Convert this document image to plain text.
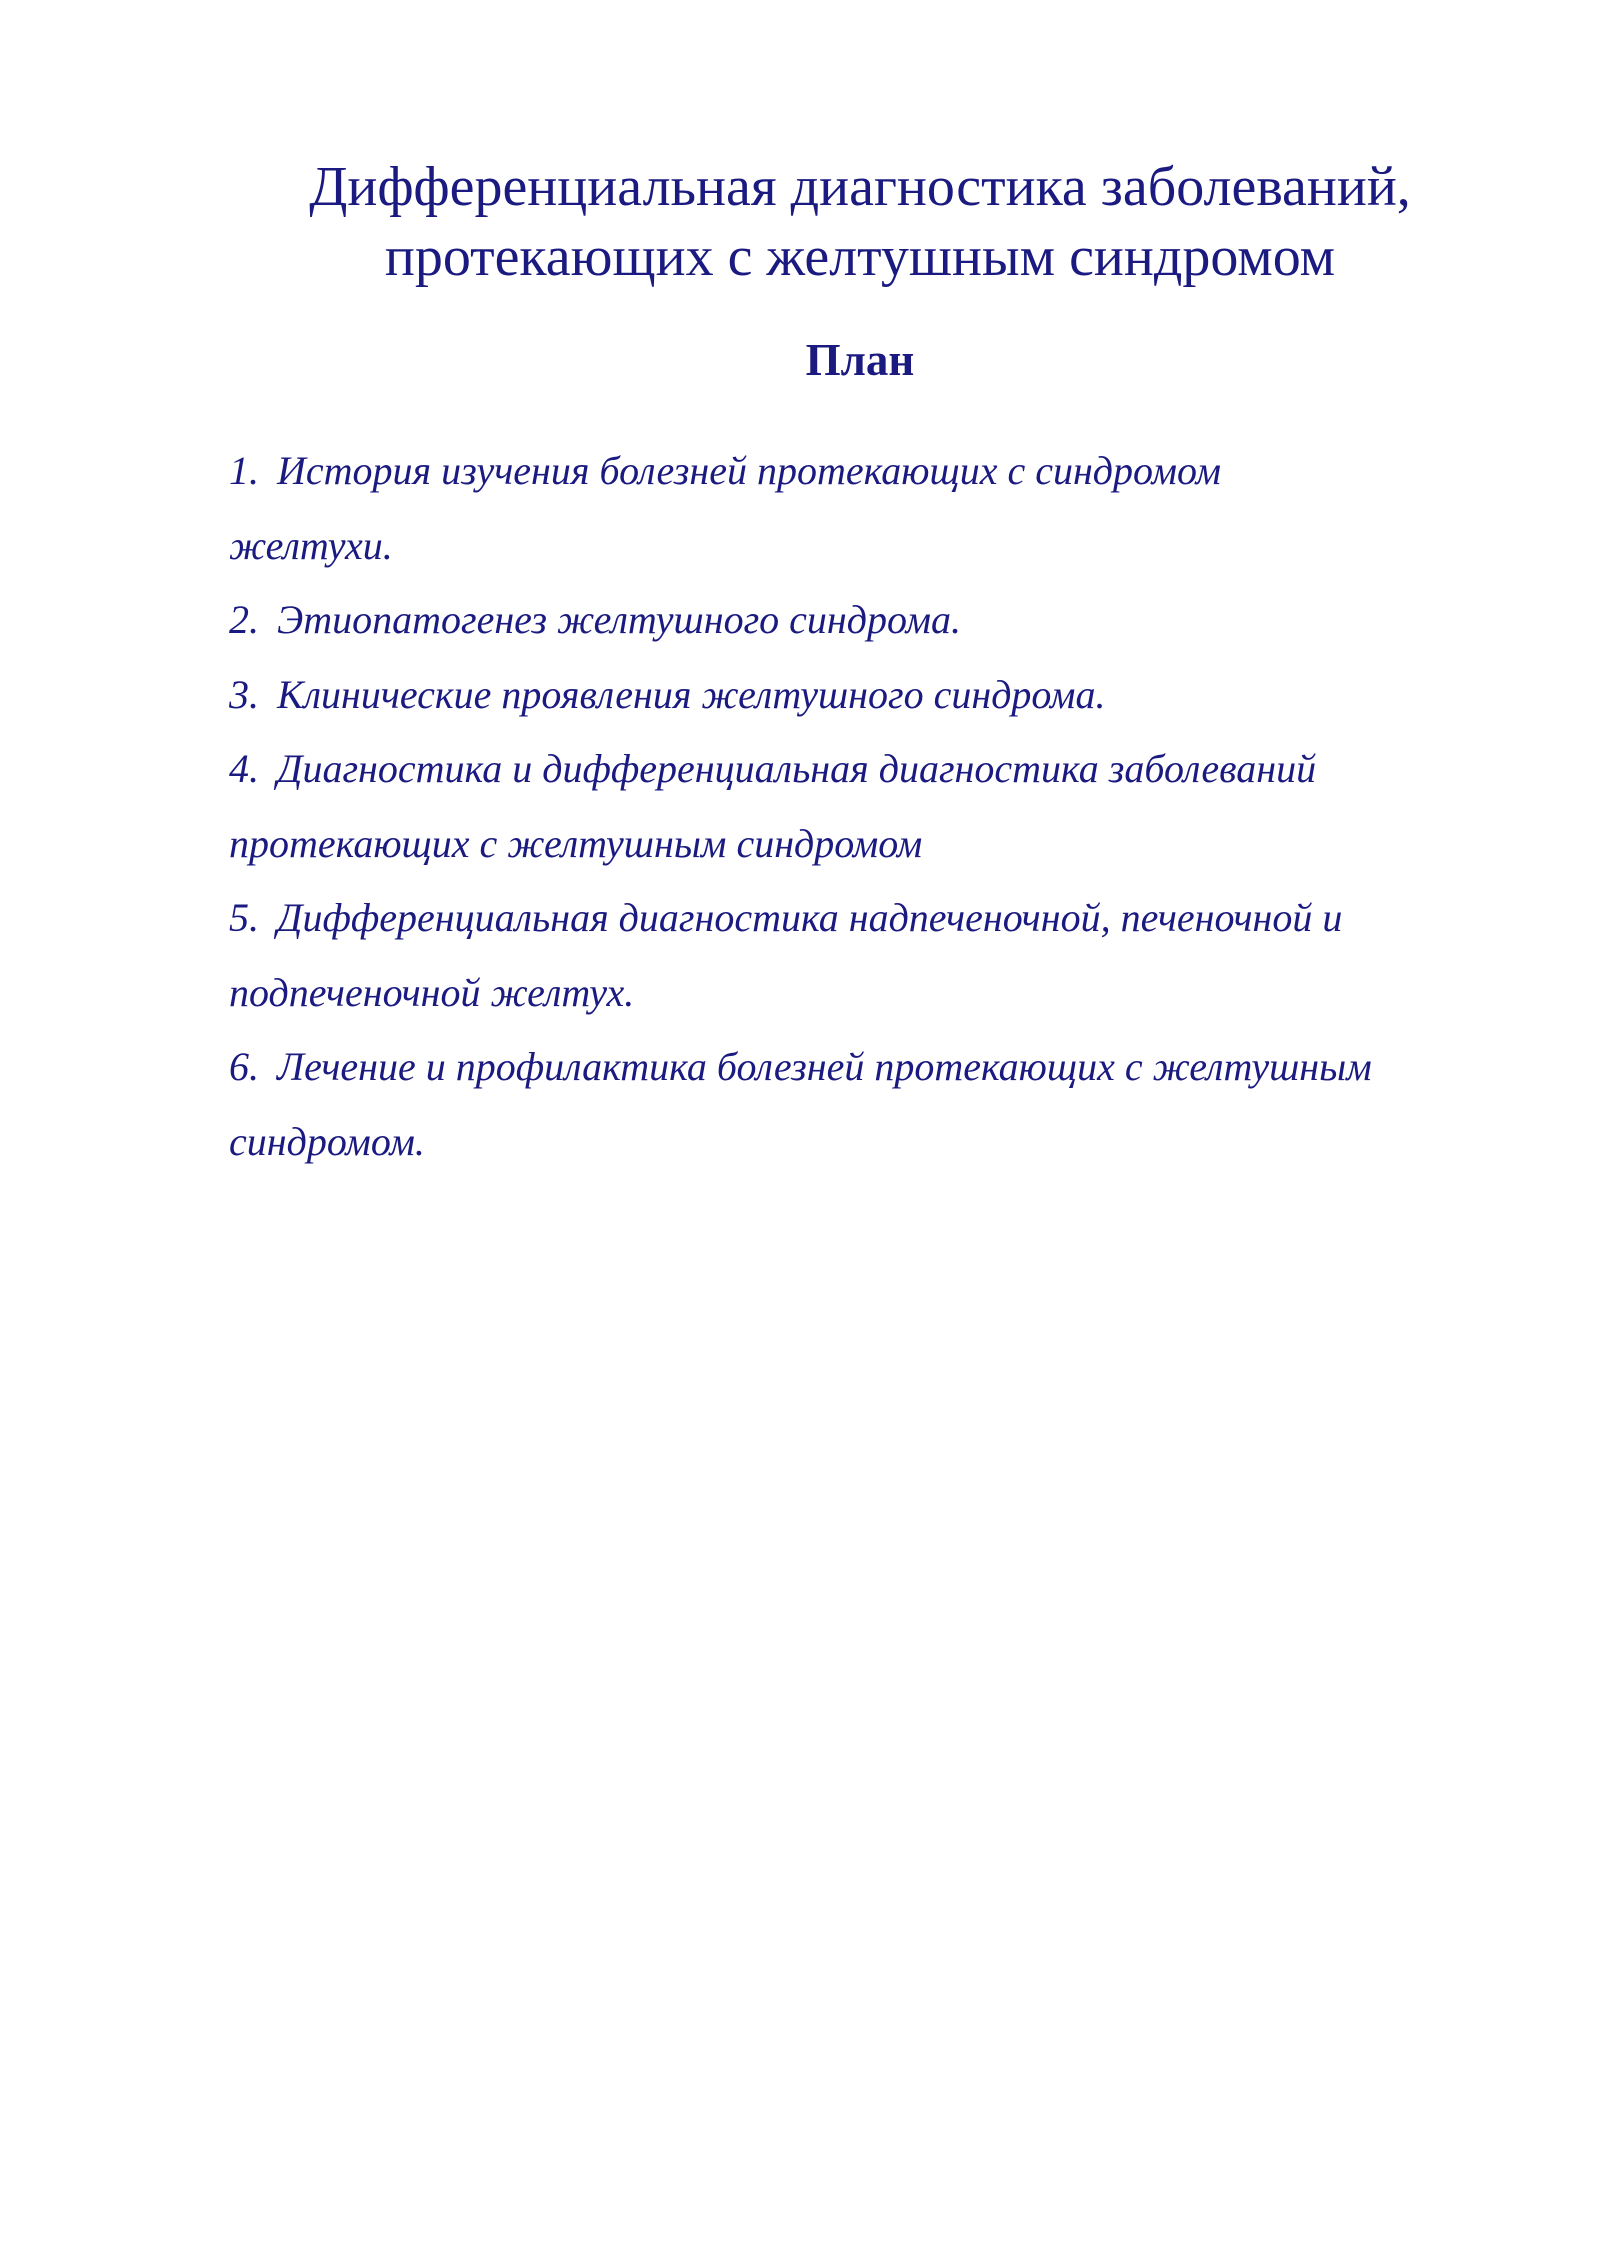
Дифференциальная диагностика заболеваний,
протекающих с желтушным синдромом
План
1. История изучения болезней протекающих с синдромом
желтухи.
2. Этиопатогенез желтушного синдрома.
3. Клинические проявления желтушного синдрома.
4. Диагностика и дифференциальная диагностика заболеваний
протекающих с желтушным синдромом
5. Дифференциальная диагностика надпеченочной, печеночной и
подпеченочной желтух.
6. Лечение и профилактика болезней протекающих с желтушным
синдромом.
